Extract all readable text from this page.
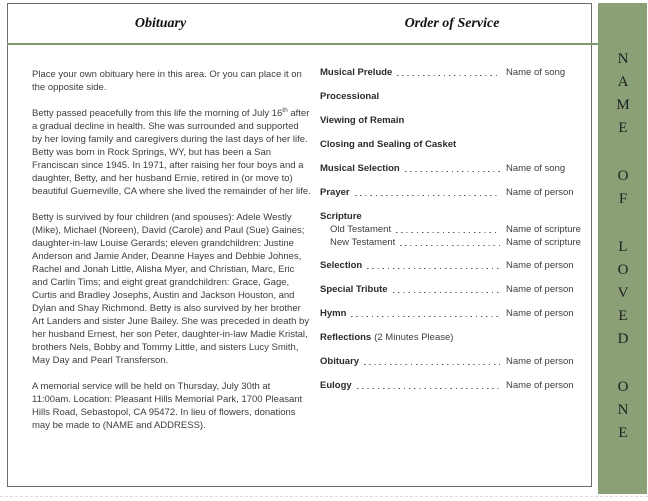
Obituary	Order of Service

Place your own obituary here in this area. Or you can place it on the opposite side.

Betty passed peacefully from this life the morning of July 16th after a gradual decline in health. She was surrounded and supported by her loving family and caregivers during the last days of her life. Betty was born in Rock Springs, WY, but has been a San Franciscan since 1945. In 1971, after raising her four boys and a daughter, Betty, and her husband Ernie, retired in (or move to) beautiful Guerneville, CA where she lived the remainder of her life.

Betty is survived by four children (and spouses): Adele Westly (Mike), Michael (Noreen), David (Carole) and Paul (Sue) Gaines; daughter-in-law Louise Gerards; eleven grandchildren: Justine Anderson and Jamie Ander, Deanne Hayes and Debbie Johnes, Rachel and Jonah Little, Alisha Myer, and Christian, Marc, Eric and Carlin Tims; and eight great grandchildren: Grace, Gage, Curtis and Bradley Josephs, Austin and Jackson Houston, and Dylan and Shay Richmond. Betty is also survived by her brother Art Landers and sister June Bailey. She was preceded in death by her husband Ernest, her son Peter, daughter-in-law Madie Kristal, brothers Nels, Bobby and Tommy Little, and sisters Lucy Smith, May Day and Pearl Transferson.

A memorial service will be held on Thursday, July 30th at 11:00am. Location: Pleasant Hills Memorial Park, 1700 Pleasant Hills Road, Sebastopol, CA 95472. In lieu of flowers, donations may be made to (NAME and ADDRESS).

Musical Prelude	Name of song
Processional
Viewing of Remain
Closing and Sealing of Casket
Musical Selection	Name of song
Prayer	Name of person
Scripture
Old Testament	Name of scripture
New Testament	Name of scripture
Selection	Name of person
Special Tribute	Name of person
Hymn	Name of person
Reflections (2 Minutes Please)
Obituary	Name of person
Eulogy	Name of person	NAME OF LOVED ONE
